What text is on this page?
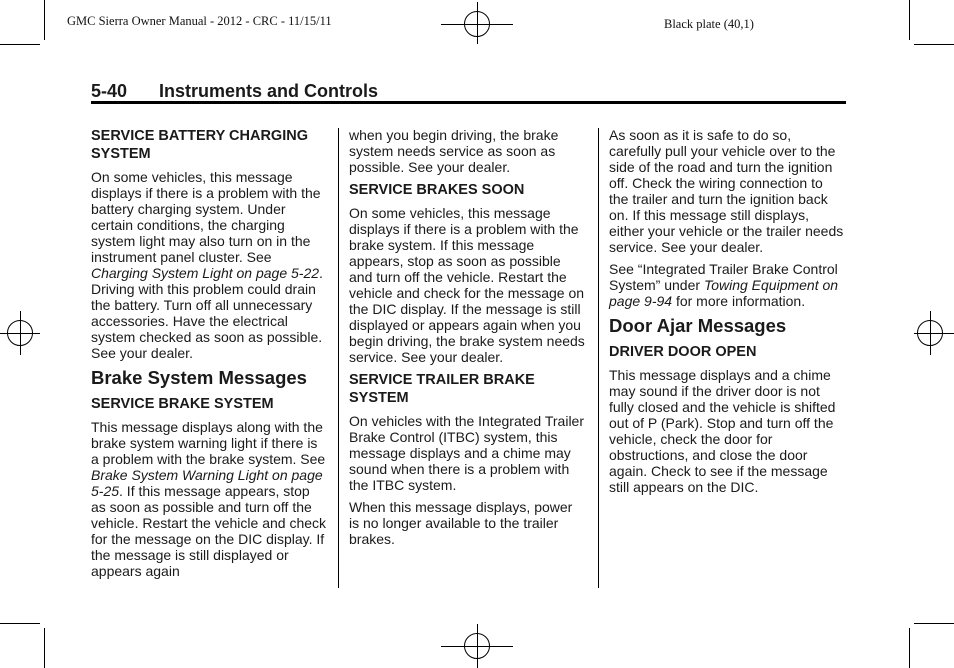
GMC Sierra Owner Manual - 2012 - CRC - 11/15/11	Black plate (40,1)
5-40 Instruments and Controls
SERVICE BATTERY CHARGING SYSTEM

On some vehicles, this message displays if there is a problem with the battery charging system. Under certain conditions, the charging system light may also turn on in the instrument panel cluster. See Charging System Light on page 5-22. Driving with this problem could drain the battery. Turn off all unnecessary accessories. Have the electrical system checked as soon as possible. See your dealer.

Brake System Messages
SERVICE BRAKE SYSTEM

This message displays along with the brake system warning light if there is a problem with the brake system. See Brake System Warning Light on page 5-25. If this message appears, stop as soon as possible and turn off the vehicle. Restart the vehicle and check for the message on the DIC display. If the message is still displayed or appears again

when you begin driving, the brake system needs service as soon as possible. See your dealer.

SERVICE BRAKES SOON

On some vehicles, this message displays if there is a problem with the brake system. If this message appears, stop as soon as possible and turn off the vehicle. Restart the vehicle and check for the message on the DIC display. If the message is still displayed or appears again when you begin driving, the brake system needs service. See your dealer.

SERVICE TRAILER BRAKE SYSTEM

On vehicles with the Integrated Trailer Brake Control (ITBC) system, this message displays and a chime may sound when there is a problem with the ITBC system.

When this message displays, power is no longer available to the trailer brakes.

As soon as it is safe to do so, carefully pull your vehicle over to the side of the road and turn the ignition off. Check the wiring connection to the trailer and turn the ignition back on. If this message still displays, either your vehicle or the trailer needs service. See your dealer.

See “Integrated Trailer Brake Control System” under Towing Equipment on page 9-94 for more information.

Door Ajar Messages
DRIVER DOOR OPEN

This message displays and a chime may sound if the driver door is not fully closed and the vehicle is shifted out of P (Park). Stop and turn off the vehicle, check the door for obstructions, and close the door again. Check to see if the message still appears on the DIC.
